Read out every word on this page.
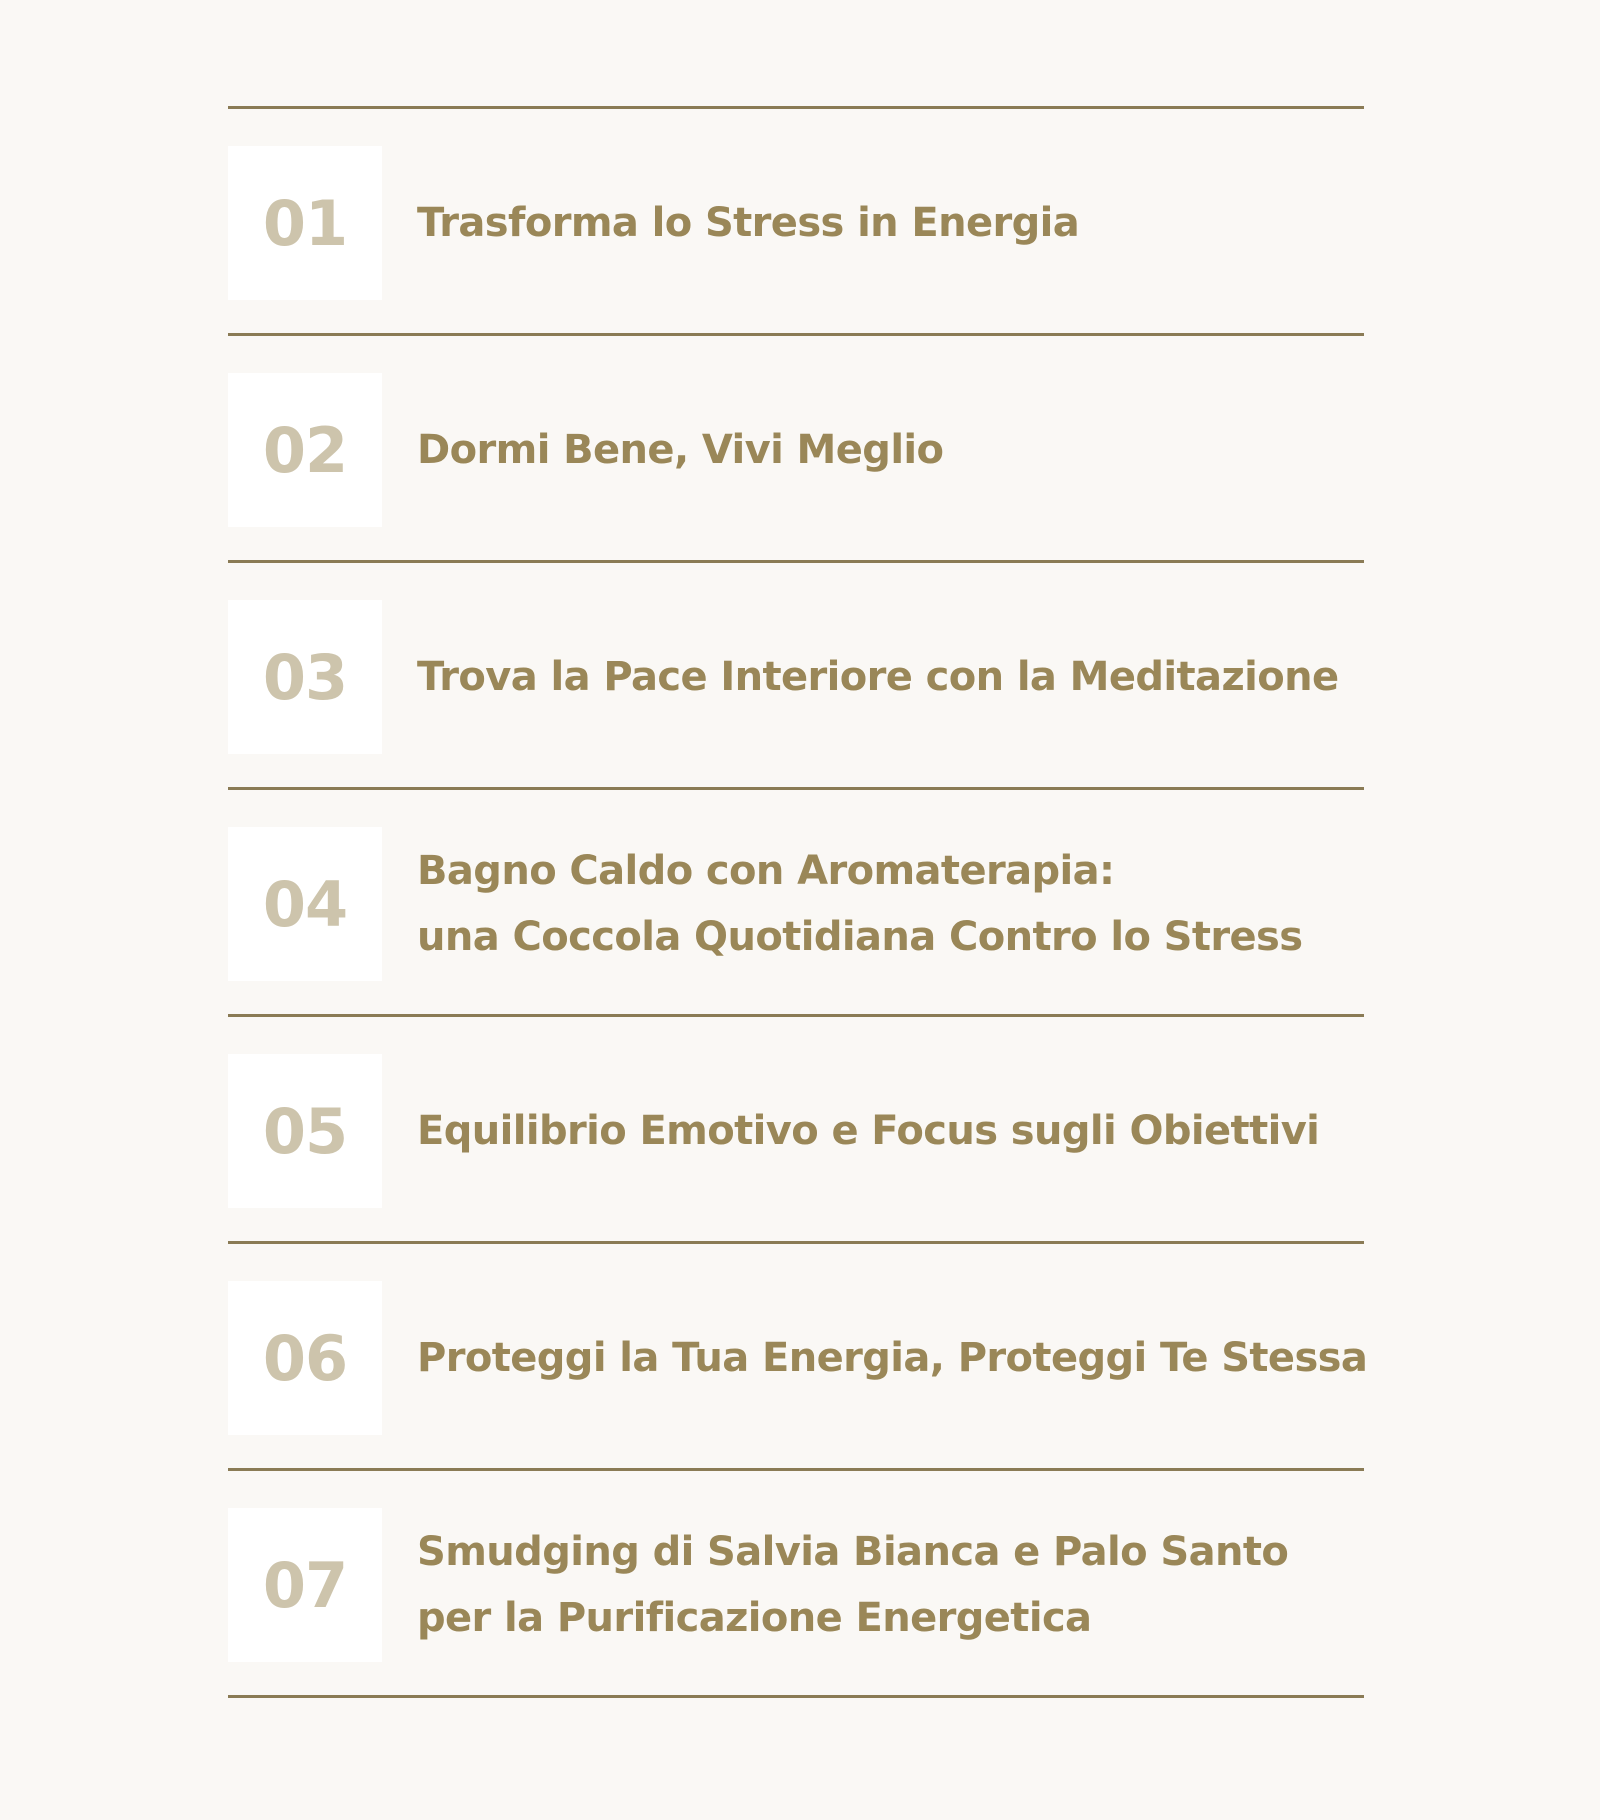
01 Trasforma lo Stress in Energia
02 Dormi Bene, Vivi Meglio
03 Trova la Pace Interiore con la Meditazione
04 Bagno Caldo con Aromaterapia:
una Coccola Quotidiana Contro lo Stress
05 Equilibrio Emotivo e Focus sugli Obiettivi
06 Proteggi la Tua Energia, Proteggi Te Stessa
07 Smudging di Salvia Bianca e Palo Santo
per la Purificazione Energetica
